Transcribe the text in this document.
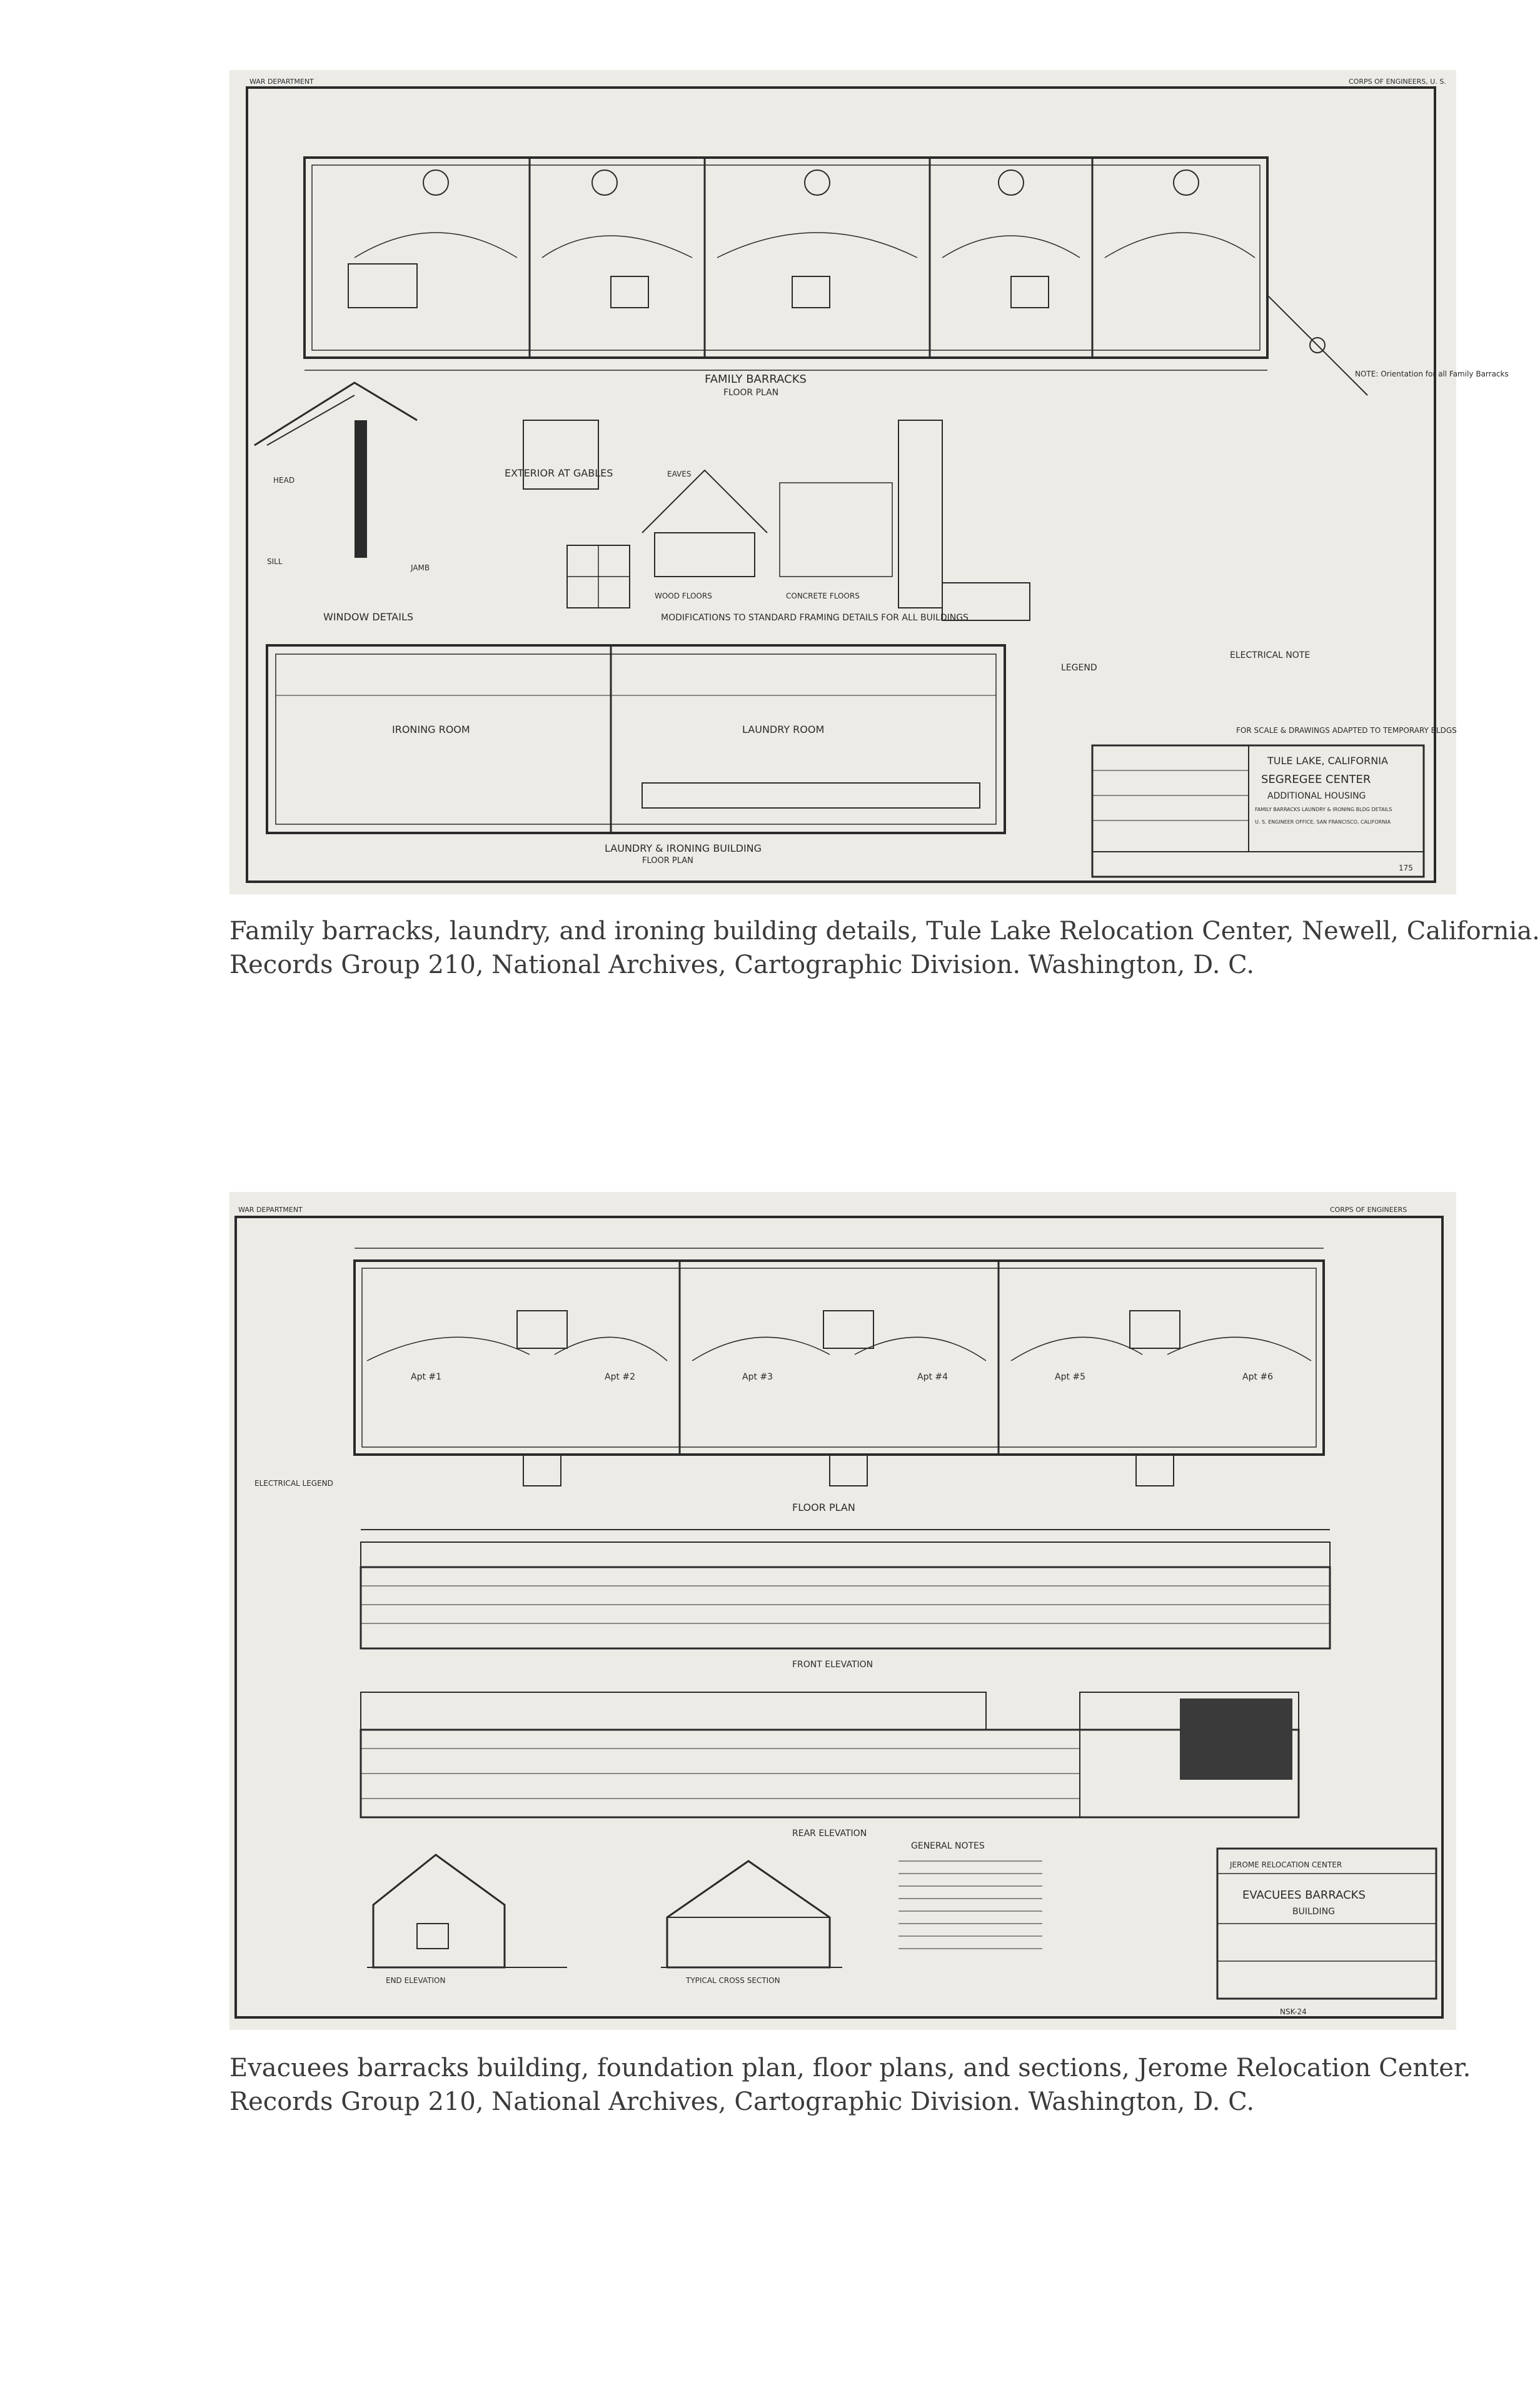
WAR DEPARTMENT	CORPS OF ENGINEERS, U. S.
NOTE: Orientation for all Family Barracks
FAMILY BARRACKS
FLOOR PLAN
EXTERIOR AT GABLES
WINDOW DETAILS
JAMB
HEAD
SILL
EAVES
WOOD FLOORS	CONCRETE FLOORS
MODIFICATIONS TO STANDARD FRAMING DETAILS FOR ALL BUILDINGS
IRONING ROOM	LAUNDRY ROOM
LAUNDRY & IRONING BUILDING
FLOOR PLAN
LEGEND
ELECTRICAL NOTE
FOR SCALE & DRAWINGS ADAPTED TO TEMPORARY BLDGS
TULE LAKE, CALIFORNIA
SEGREGEE CENTER
ADDITIONAL HOUSING
FAMILY BARRACKS LAUNDRY & IRONING BLDG DETAILS
U. S. ENGINEER OFFICE, SAN FRANCISCO, CALIFORNIA
175
Family barracks, laundry, and ironing building details, Tule Lake Relocation Center, Newell, California.
Records Group 210, National Archives, Cartographic Division. Washington, D. C.
WAR DEPARTMENT	CORPS OF ENGINEERS
Apt #1	Apt #2	Apt #3	Apt #4	Apt #5	Apt #6
FLOOR PLAN
ELECTRICAL LEGEND
FRONT ELEVATION
REAR ELEVATION
END ELEVATION	TYPICAL CROSS SECTION
GENERAL NOTES
JEROME RELOCATION CENTER
EVACUEES BARRACKS
BUILDING
NSK-24
Evacuees barracks building, foundation plan, floor plans, and sections, Jerome Relocation Center.
Records Group 210, National Archives, Cartographic Division. Washington, D. C.
